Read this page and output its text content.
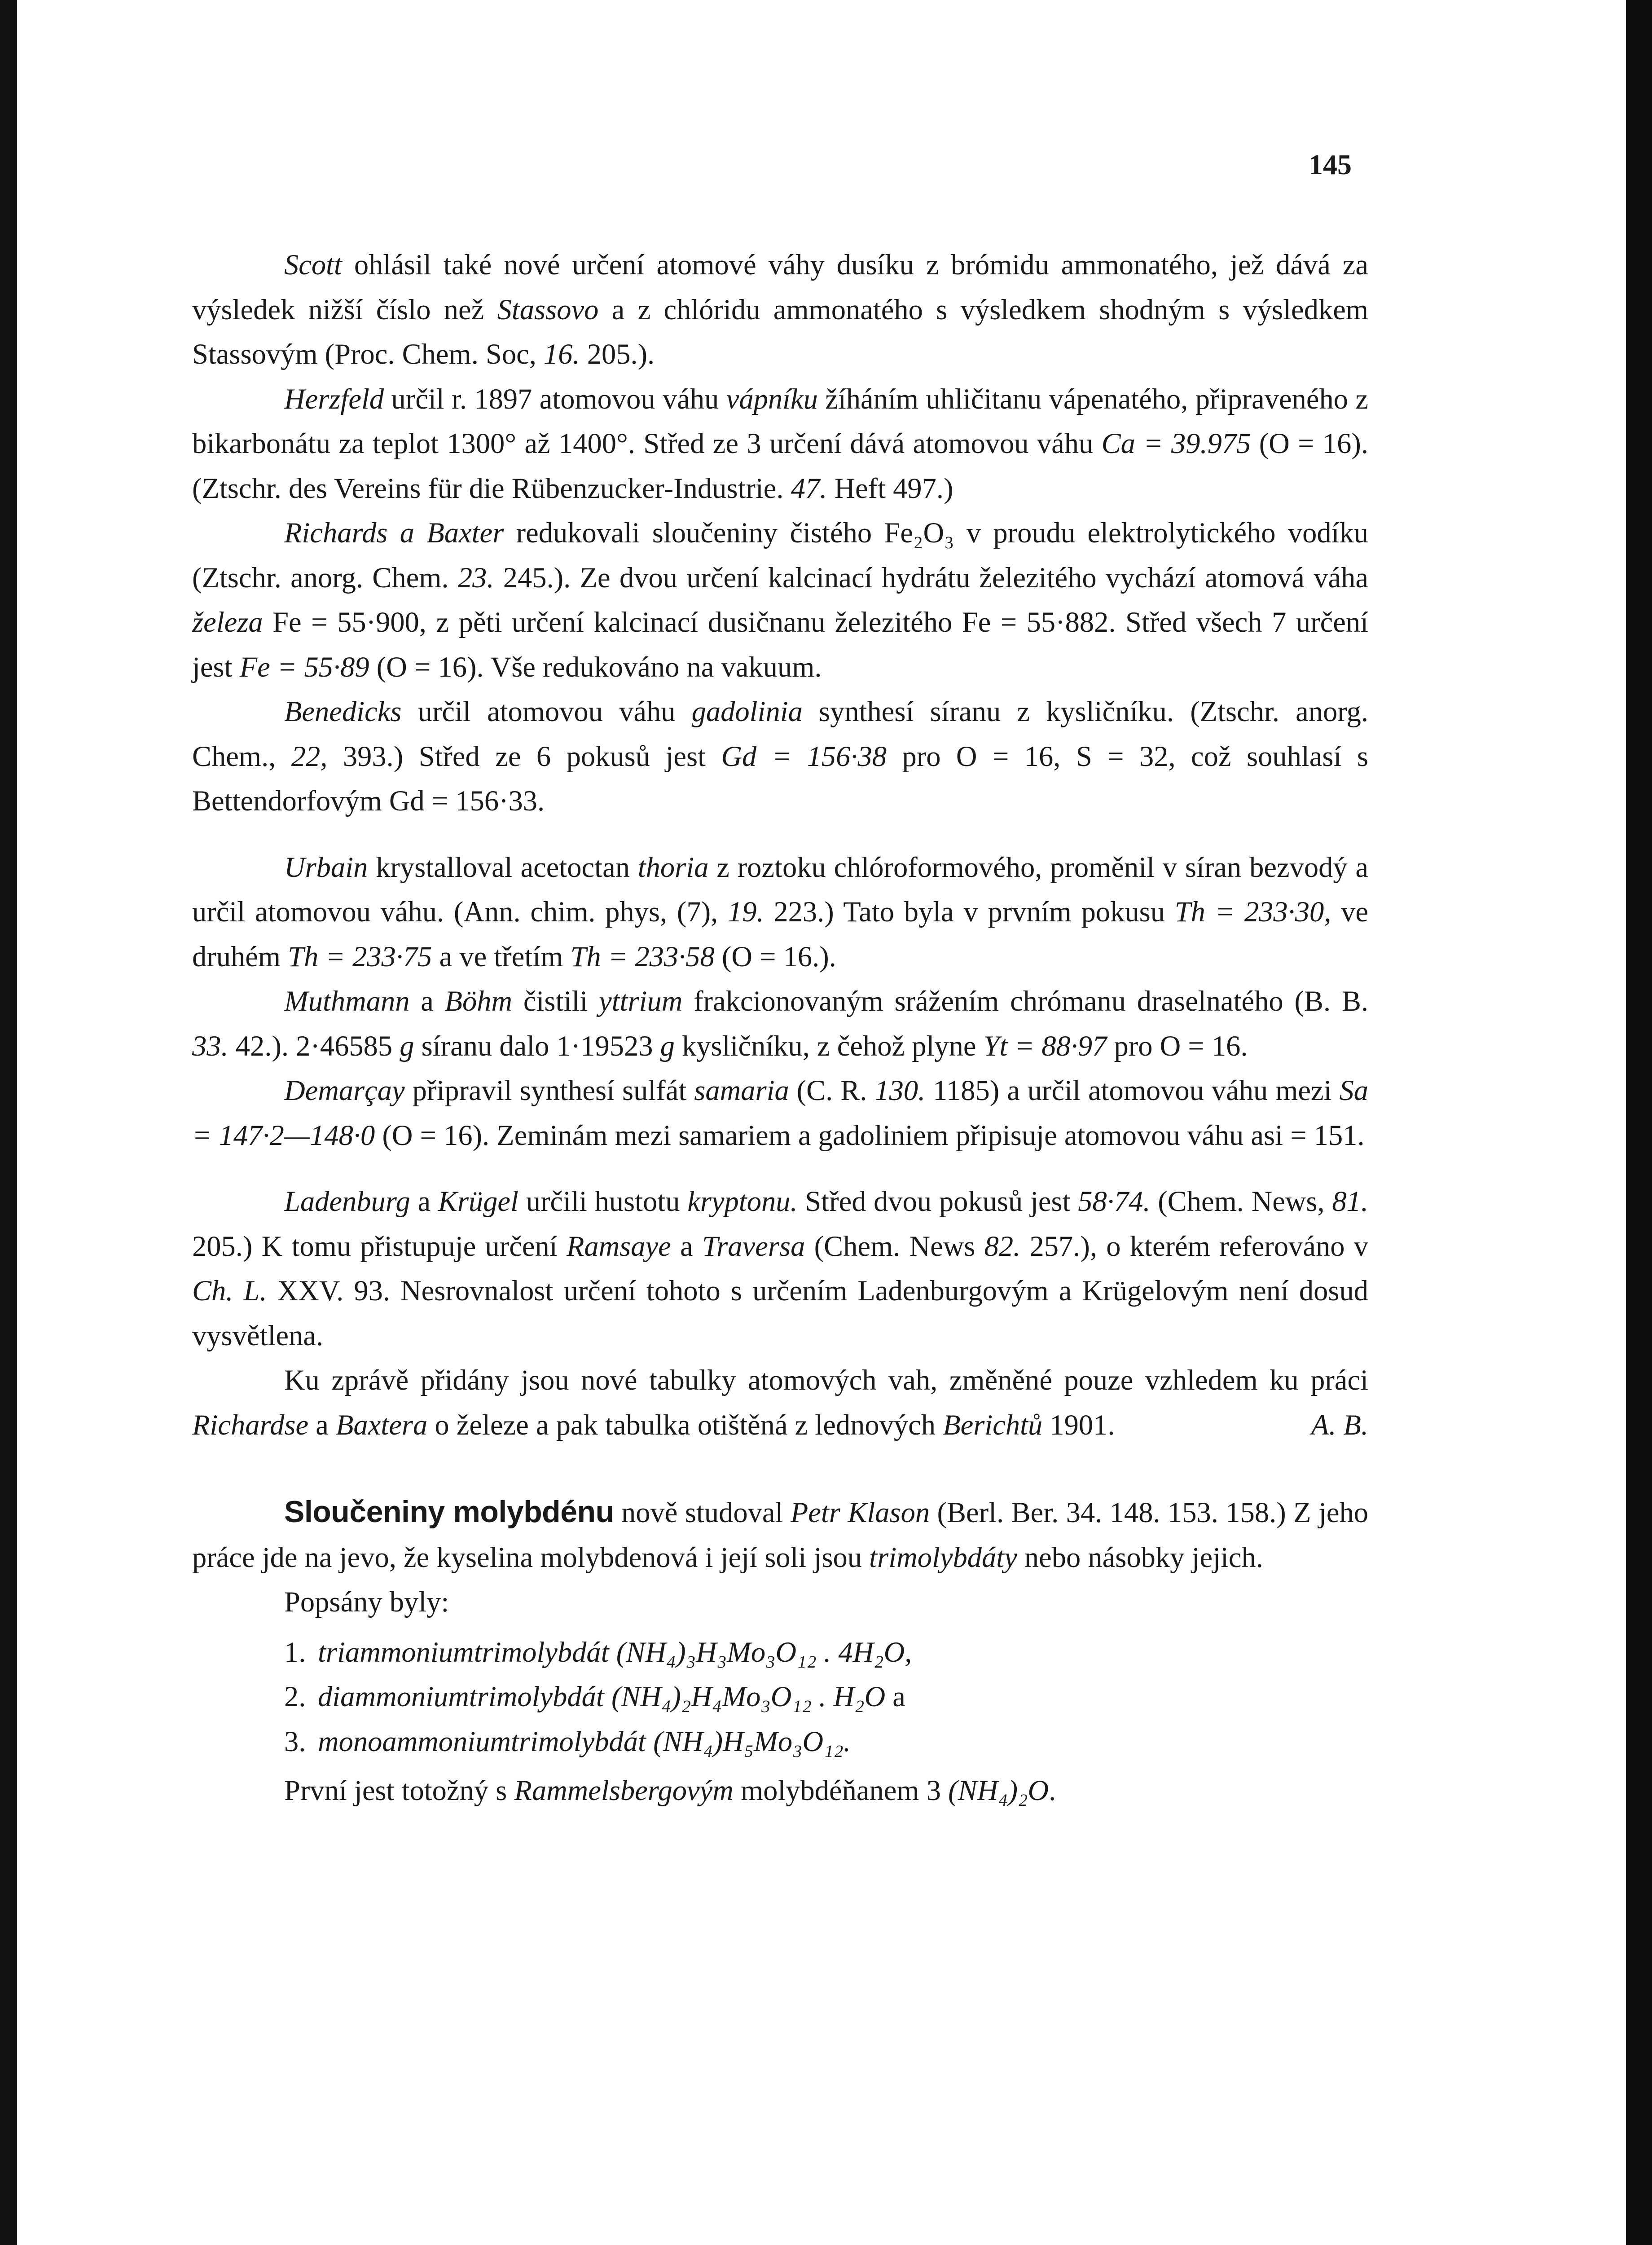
145

Scott ohlásil také nové určení atomové váhy dusíku z brómidu ammonatého, jež dává za výsledek nižší číslo než Stassovo a z chlóridu ammonatého s výsledkem shodným s výsledkem Stassovým (Proc. Chem. Soc, 16. 205.).

Herzfeld určil r. 1897 atomovou váhu vápníku žíháním uhličitanu vápenatého, připraveného z bikarbonátu za teplot 1300° až 1400°. Střed ze 3 určení dává atomovou váhu Ca = 39.975 (O = 16). (Ztschr. des Vereins für die Rübenzucker-Industrie. 47. Heft 497.)

Richards a Baxter redukovali sloučeniny čistého Fe₂O₃ v proudu elektrolytického vodíku (Ztschr. anorg. Chem. 23. 245.). Ze dvou určení kalcinací hydrátu železitého vychází atomová váha železa Fe = 55·900, z pěti určení kalcinací dusičnanu železitého Fe = 55·882. Střed všech 7 určení jest Fe = 55·89 (O = 16). Vše redukováno na vakuum.

Benedicks určil atomovou váhu gadolinia synthesí síranu z kysličníku. (Ztschr. anorg. Chem., 22, 393.) Střed ze 6 pokusů jest Gd = 156·38 pro O = 16, S = 32, což souhlasí s Bettendorfovým Gd = 156·33.

Urbain krystalloval acetoctan thoria z roztoku chlóroformového, proměnil v síran bezvodý a určil atomovou váhu. (Ann. chim. phys, (7), 19. 223.) Tato byla v prvním pokusu Th = 233·30, ve druhém Th = 233·75 a ve třetím Th = 233·58 (O = 16.).

Muthmann a Böhm čistili yttrium frakcionovaným srážením chrómanu draselnatého (B. B. 33. 42.). 2·46585 g síranu dalo 1·19523 g kysličníku, z čehož plyne Yt = 88·97 pro O = 16.

Demarçay připravil synthesí sulfát samaria (C. R. 130. 1185) a určil atomovou váhu mezi Sa = 147·2—148·0 (O = 16). Zeminám mezi samariem a gadoliniem připisuje atomovou váhu asi = 151.

Ladenburg a Krügel určili hustotu kryptonu. Střed dvou pokusů jest 58·74. (Chem. News, 81. 205.) K tomu přistupuje určení Ramsaye a Traversa (Chem. News 82. 257.), o kterém referováno v Ch. L. XXV. 93. Nesrovnalost určení tohoto s určením Ladenburgovým a Krügelovým není dosud vysvětlena.

Ku zprávě přidány jsou nové tabulky atomových vah, změněné pouze vzhledem ku práci Richardse a Baxtera o železe a pak tabulka otištěná z lednových Berichtů 1901.	A. B.

Sloučeniny molybdénu nově studoval Petr Klason (Berl. Ber. 34. 148. 153. 158.) Z jeho práce jde na jevo, že kyselina molybdenová i její soli jsou trimolybdáty nebo násobky jejich.

Popsány byly:

1. triammoniumtrimolybdát (NH₄)₃H₃Mo₃O₁₂ . 4H₂O,
2. diammoniumtrimolybdát (NH₄)₂H₄Mo₃O₁₂ . H₂O a
3. monoammoniumtrimolybdát (NH₄)H₅Mo₃O₁₂.

První jest totožný s Rammelsbergovým molybdéňanem 3 (NH₄)₂O.
